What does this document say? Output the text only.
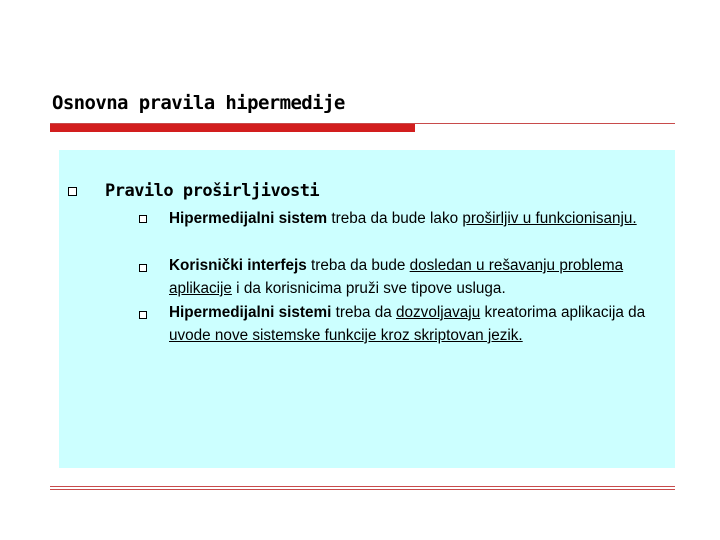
Osnovna pravila hipermedije
Pravilo proširljivosti
Hipermedijalni sistem treba da bude lako proširljiv u funkcionisanju.
Korisnički interfejs treba da bude dosledan u rešavanju problema aplikacije i da korisnicima pruži sve tipove usluga.
Hipermedijalni sistemi treba da dozvoljavaju kreatorima aplikacija da uvode nove sistemske funkcije kroz skriptovan jezik.
